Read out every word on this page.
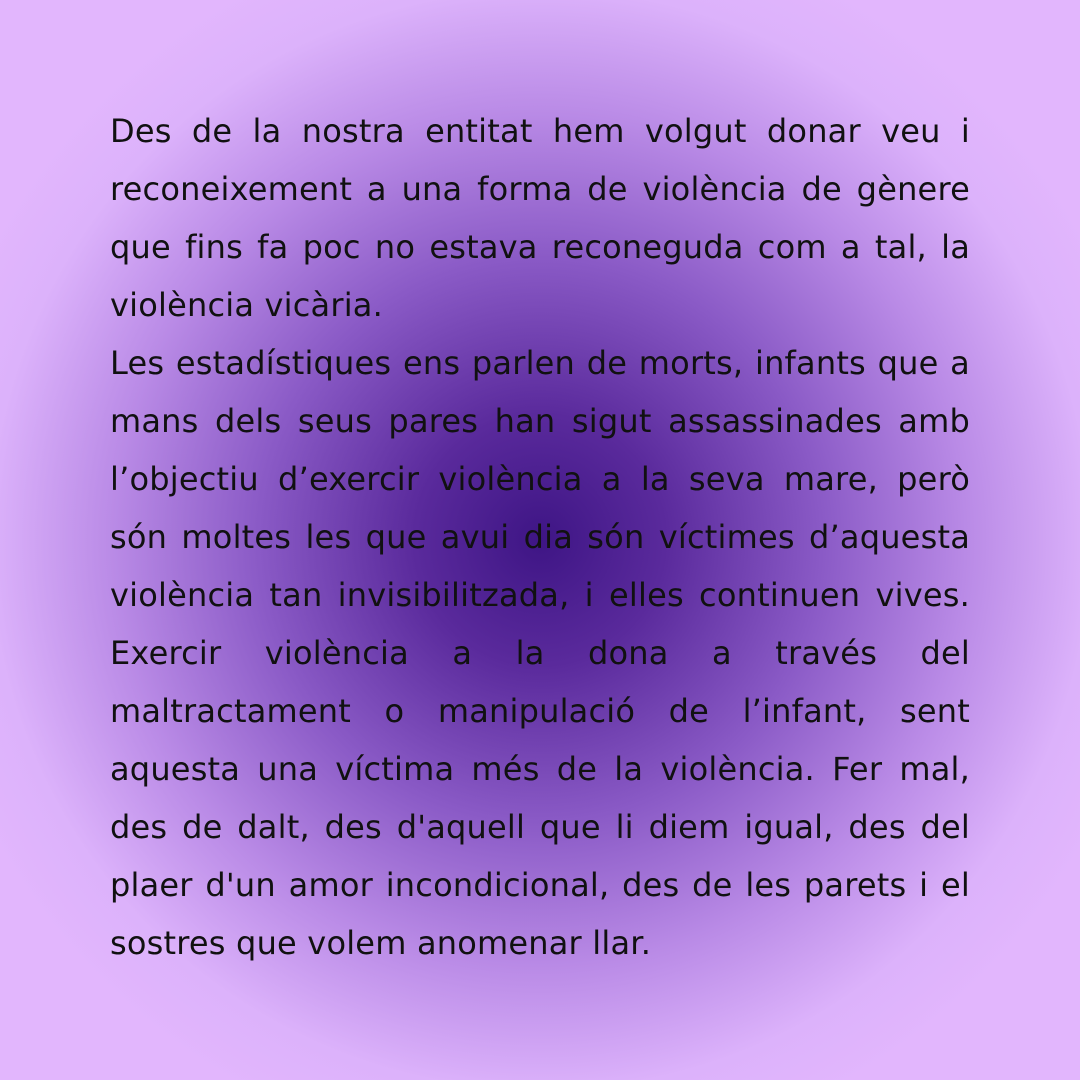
Des de la nostra entitat hem volgut donar veu i reconeixement a una forma de violència de gènere que fins fa poc no estava reconeguda com a tal, la violència vicària.

Les estadístiques ens parlen de morts, infants que a mans dels seus pares han sigut assassinades amb l’objectiu d’exercir violència a la seva mare, però són moltes les que avui dia són víctimes d’aquesta violència tan invisibilitzada, i elles continuen vives. Exercir violència a la dona a través del maltractament o manipulació de l’infant, sent aquesta una víctima més de la violència. Fer mal, des de dalt, des d'aquell que li diem igual, des del plaer d'un amor incondicional, des de les parets i el sostres que volem anomenar llar.
